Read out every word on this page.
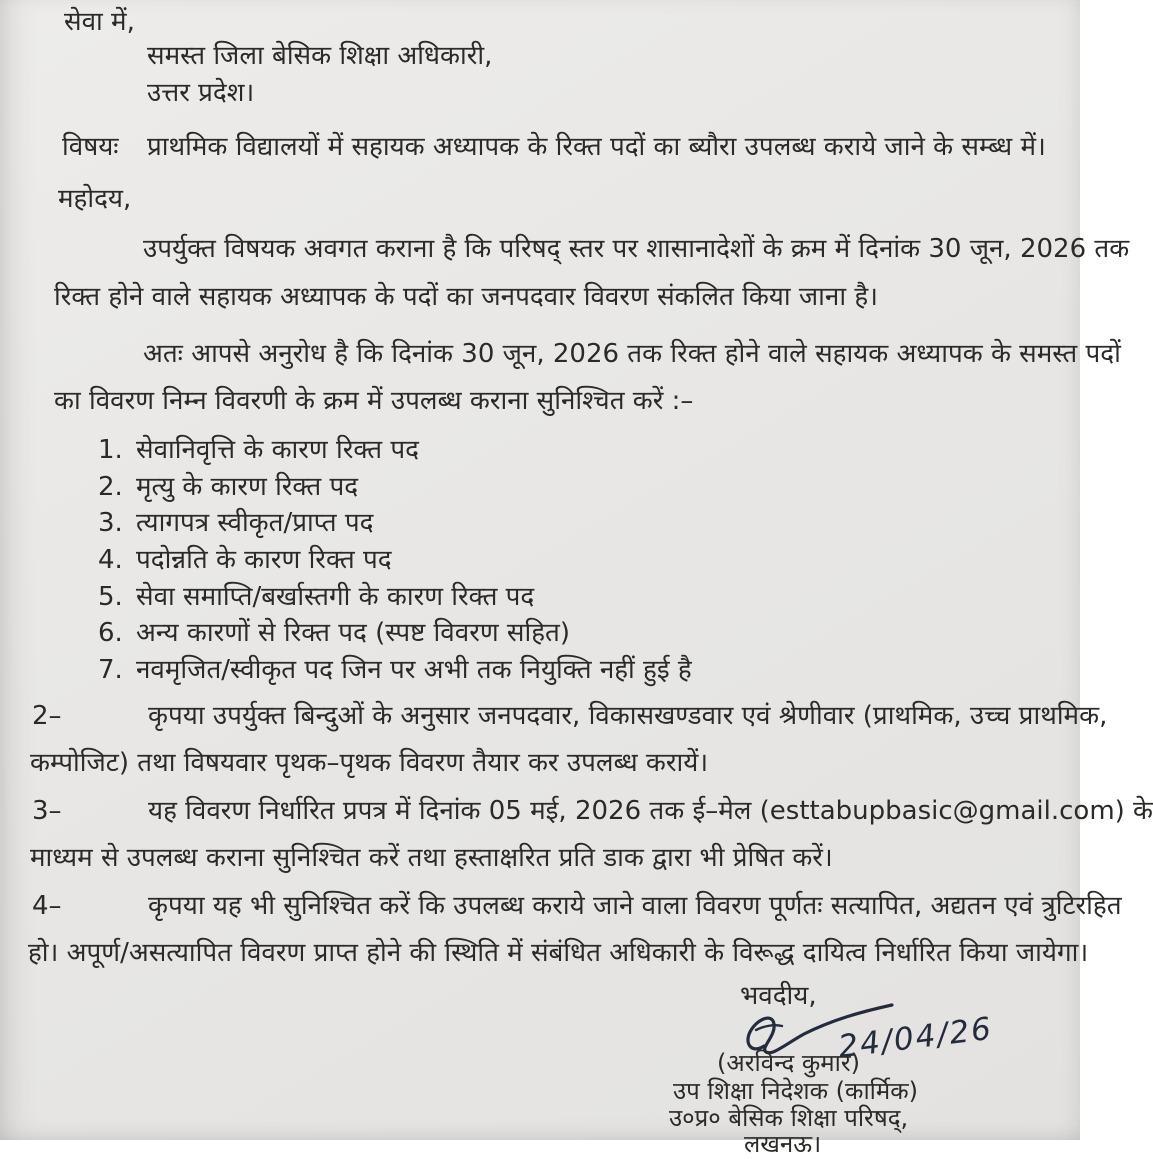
सेवा में,
समस्त जिला बेसिक शिक्षा अधिकारी,
उत्तर प्रदेश।
विषयः प्राथमिक विद्यालयों में सहायक अध्यापक के रिक्त पदों का ब्यौरा उपलब्ध कराये जाने के सम्ब्ध में।
महोदय,
उपर्युक्त विषयक अवगत कराना है कि परिषद् स्तर पर शासानादेशों के क्रम में दिनांक 30 जून, 2026 तक
रिक्त होने वाले सहायक अध्यापक के पदों का जनपदवार विवरण संकलित किया जाना है।
अतः आपसे अनुरोध है कि दिनांक 30 जून, 2026 तक रिक्त होने वाले सहायक अध्यापक के समस्त पदों
का विवरण निम्न विवरणी के क्रम में उपलब्ध कराना सुनिश्चित करें :–
1. सेवानिवृत्ति के कारण रिक्त पद
2. मृत्यु के कारण रिक्त पद
3. त्यागपत्र स्वीकृत/प्राप्त पद
4. पदोन्नति के कारण रिक्त पद
5. सेवा समाप्ति/बर्खास्तगी के कारण रिक्त पद
6. अन्य कारणों से रिक्त पद (स्पष्ट विवरण सहित)
7. नवमृजित/स्वीकृत पद जिन पर अभी तक नियुक्ति नहीं हुई है
2–	कृपया उपर्युक्त बिन्दुओं के अनुसार जनपदवार, विकासखण्डवार एवं श्रेणीवार (प्राथमिक, उच्च प्राथमिक,
कम्पोजिट) तथा विषयवार पृथक–पृथक विवरण तैयार कर उपलब्ध करायें।
3–	यह विवरण निर्धारित प्रपत्र में दिनांक 05 मई, 2026 तक ई–मेल (esttabupbasic@gmail.com) के
माध्यम से उपलब्ध कराना सुनिश्चित करें तथा हस्ताक्षरित प्रति डाक द्वारा भी प्रेषित करें।
4–	कृपया यह भी सुनिश्चित करें कि उपलब्ध कराये जाने वाला विवरण पूर्णतः सत्यापित, अद्यतन एवं त्रुटिरहित
हो। अपूर्ण/असत्यापित विवरण प्राप्त होने की स्थिति में संबंधित अधिकारी के विरूद्ध दायित्व निर्धारित किया जायेगा।
भवदीय,
24/04/26
(अरविन्द कुमार)
उप शिक्षा निदेशक (कार्मिक)
उ०प्र० बेसिक शिक्षा परिषद्,
लखनऊ।
